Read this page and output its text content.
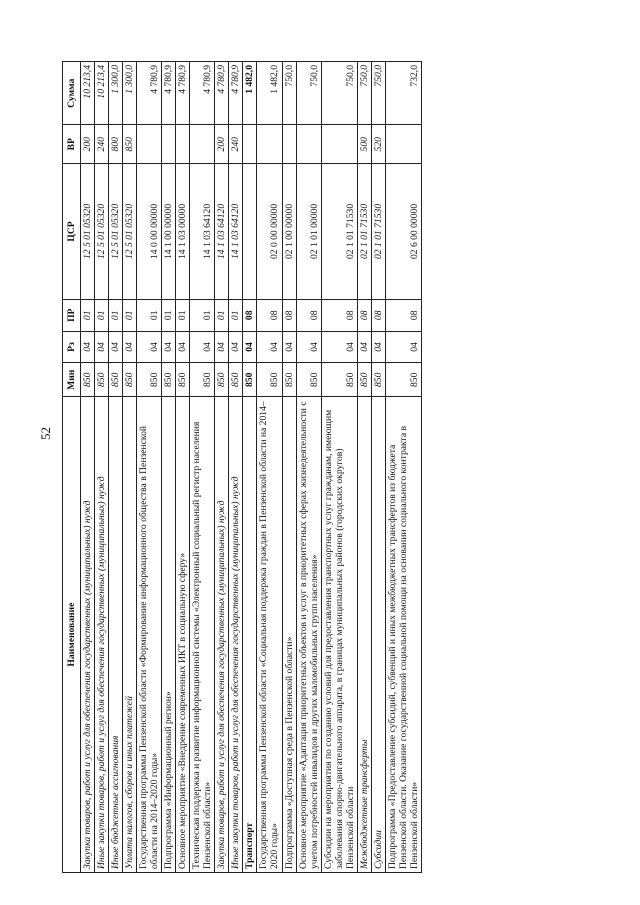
52
Наименование	Мин	Рз	ПР	ЦСР	ВР	Сумма
Закупка товаров, работ и услуг для обеспечения государственных (муниципальных) нужд	850	04	01	12 5 01 05320	200	10 213,4
Иные закупки товаров, работ и услуг для обеспечения государственных (муниципальных) нужд	850	04	01	12 5 01 05320	240	10 213,4
Иные бюджетные ассигнования	850	04	01	12 5 01 05320	800	1 300,0
Уплата налогов, сборов и иных платежей	850	04	01	12 5 01 05320	850	1 300,0
Государственная программа Пензенской области «Формирование информационного общества в Пензенской области на 2014–2020 годы»	850	04	01	14 0 00 00000		4 780,9
Подпрограмма «Информационный регион»	850	04	01	14 1 00 00000		4 780,9
Основное мероприятие «Внедрение современных ИКТ в социальную сферу»	850	04	01	14 1 03 00000		4 780,9
Техническая поддержка и развитие информационной системы «Электронный социальный регистр населения Пензенской области»	850	04	01	14 1 03 64120		4 780,9
Закупка товаров, работ и услуг для обеспечения государственных (муниципальных) нужд	850	04	01	14 1 03 64120	200	4 780,9
Иные закупки товаров, работ и услуг для обеспечения государственных (муниципальных) нужд	850	04	01	14 1 03 64120	240	4 780,9
Транспорт	850	04	08			1 482,0
Государственная программа Пензенской области «Социальная поддержка граждан в Пензенской области на 2014–2020 годы»	850	04	08	02 0 00 00000		1 482,0
Подпрограмма «Доступная среда в Пензенской области»	850	04	08	02 1 00 00000		750,0
Основное мероприятие «Адаптация приоритетных объектов и услуг в приоритетных сферах жизнедеятельности с учетом потребностей инвалидов и других маломобильных групп населения»	850	04	08	02 1 01 00000		750,0
Субсидии на мероприятия по созданию условий для предоставления транспортных услуг гражданам, имеющим заболевания опорно-двигательного аппарата, в границах муниципальных районов (городских округов) Пензенской области	850	04	08	02 1 01 71530		750,0
Межбюджетные трансферты	850	04	08	02 1 01 71530	500	750,0
Субсидии	850	04	08	02 1 01 71530	520	750,0
Подпрограмма «Предоставление субсидий, субвенций и иных межбюджетных трансфертов из бюджета Пензенской области. Оказание государственной социальной помощи на основании социального контракта в Пензенской области»	850	04	08	02 6 00 00000		732,0
